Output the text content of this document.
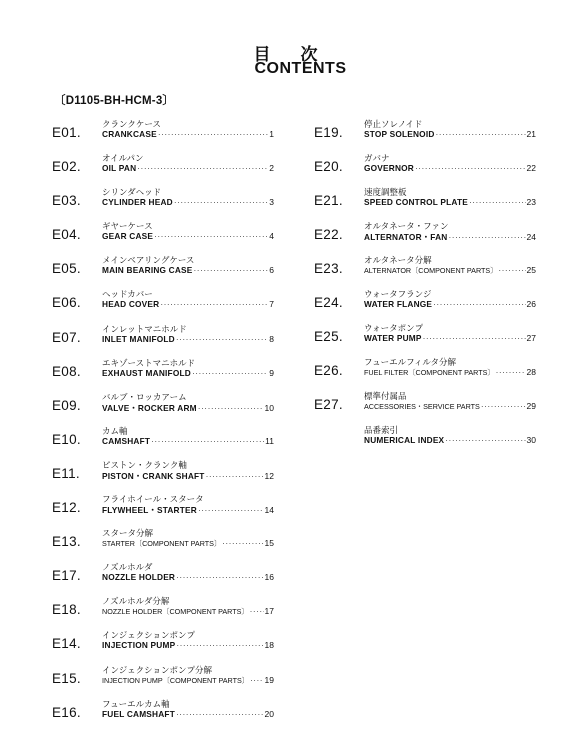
目次
CONTENTS
〔D1105-BH-HCM-3〕
E01. クランクケース
CRANKCASE ·····	1
E02. オイルパン
OIL PAN ·····	2
E03. シリンダヘッド
CYLINDER HEAD ·····	3
E04. ギヤーケース
GEAR CASE ·····	4
E05. メインベアリングケース
MAIN BEARING CASE ·····	6
E06. ヘッドカバー
HEAD COVER ·····	7
E07. インレットマニホルド
INLET MANIFOLD ·····	8
E08. エキゾーストマニホルド
EXHAUST MANIFOLD ·····	9
E09. バルブ・ロッカアーム
VALVE・ROCKER ARM ·····	10
E10. カム軸
CAMSHAFT ·····	11
E11.	ピストン・クランク軸
PISTON・CRANK SHAFT ·····	12
E12. フライホイール・スタータ
FLYWHEEL・STARTER ·····	14
E13. スタータ分解
STARTER〔COMPONENT PARTS〕 ·····	15
E17. ノズルホルダ
NOZZLE HOLDER ·····	16
E18. ノズルホルダ分解
NOZZLE HOLDER〔COMPONENT PARTS〕 ····· 17
E14. インジェクションポンプ
INJECTION PUMP ·····	18
E15. インジェクションポンプ分解
INJECTION PUMP〔COMPONENT PARTS〕 ····· 19
E16. フューエルカム軸
FUEL CAMSHAFT ·····	20
E19. 停止ソレノイド
STOP SOLENOID ·····	21
E20. ガバナ
GOVERNOR ·····	22
E21. 速度調整板
SPEED CONTROL PLATE ·····	23
E22. オルタネータ・ファン
ALTERNATOR・FAN ·····	24
E23. オルタネータ分解
ALTERNATOR〔COMPONENT PARTS〕 ·····	25
E24. ウォータフランジ
WATER FLANGE ·····	26
E25. ウォータポンプ
WATER PUMP ·····	27
E26. フューエルフィルタ分解
FUEL FILTER〔COMPONENT PARTS〕 ·····	28
E27. 標準付属品
ACCESSORIES・SERVICE PARTS ·····	29
品番索引
NUMERICAL INDEX ·····	30
